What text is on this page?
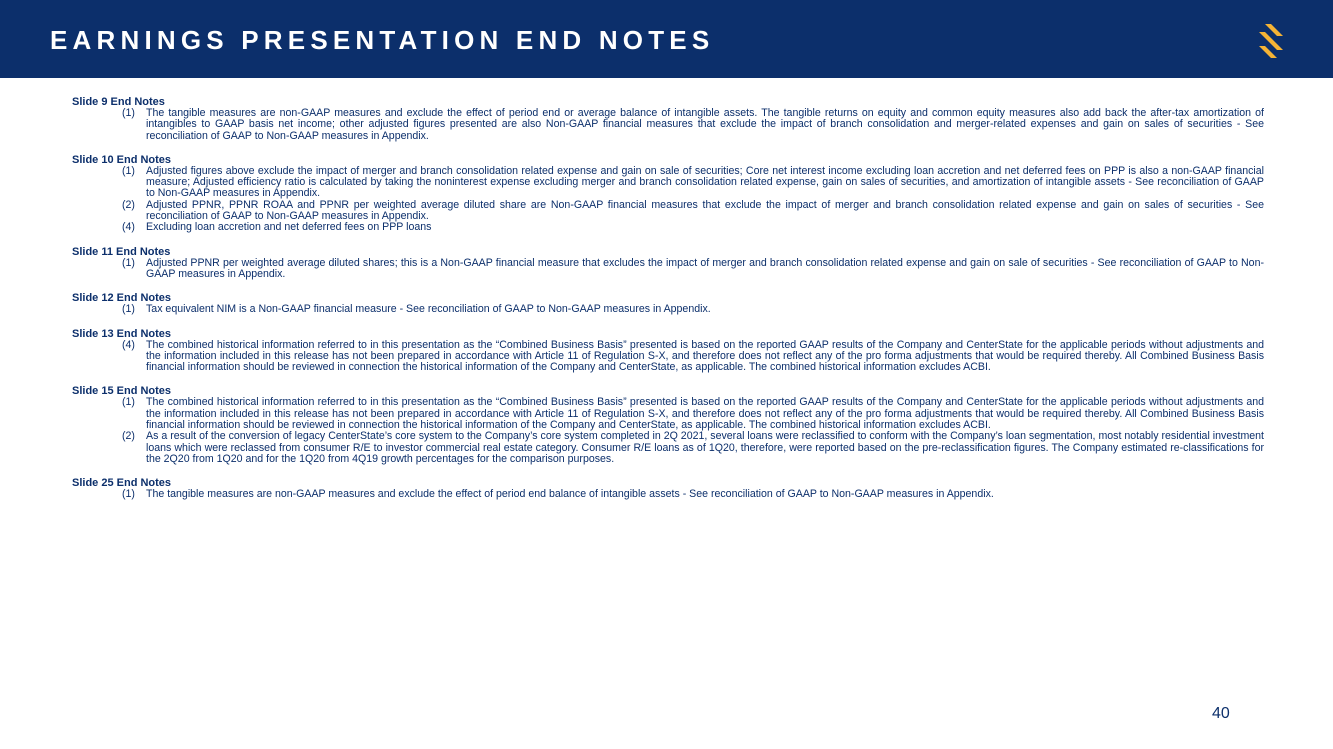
EARNINGS PRESENTATION END NOTES
Slide 9 End Notes
(1) The tangible measures are non-GAAP measures and exclude the effect of period end or average balance of intangible assets. The tangible returns on equity and common equity measures also add back the after-tax amortization of intangibles to GAAP basis net income; other adjusted figures presented are also Non-GAAP financial measures that exclude the impact of branch consolidation and merger-related expenses and gain on sales of securities - See reconciliation of GAAP to Non-GAAP measures in Appendix.
Slide 10 End Notes
(1) Adjusted figures above exclude the impact of merger and branch consolidation related expense and gain on sale of securities; Core net interest income excluding loan accretion and net deferred fees on PPP is also a non-GAAP financial measure; Adjusted efficiency ratio is calculated by taking the noninterest expense excluding merger and branch consolidation related expense, gain on sales of securities, and amortization of intangible assets - See reconciliation of GAAP to Non-GAAP measures in Appendix.
(2) Adjusted PPNR, PPNR ROAA and PPNR per weighted average diluted share are Non-GAAP financial measures that exclude the impact of merger and branch consolidation related expense and gain on sales of securities - See reconciliation of GAAP to Non-GAAP measures in Appendix.
(4) Excluding loan accretion and net deferred fees on PPP loans
Slide 11 End Notes
(1) Adjusted PPNR per weighted average diluted shares; this is a Non-GAAP financial measure that excludes the impact of merger and branch consolidation related expense and gain on sale of securities - See reconciliation of GAAP to Non-GAAP measures in Appendix.
Slide 12 End Notes
(1) Tax equivalent NIM is a Non-GAAP financial measure - See reconciliation of GAAP to Non-GAAP measures in Appendix.
Slide 13 End Notes
(4) The combined historical information referred to in this presentation as the “Combined Business Basis” presented is based on the reported GAAP results of the Company and CenterState for the applicable periods without adjustments and the information included in this release has not been prepared in accordance with Article 11 of Regulation S-X, and therefore does not reflect any of the pro forma adjustments that would be required thereby. All Combined Business Basis financial information should be reviewed in connection the historical information of the Company and CenterState, as applicable. The combined historical information excludes ACBI.
Slide 15 End Notes
(1) The combined historical information referred to in this presentation as the “Combined Business Basis” presented is based on the reported GAAP results of the Company and CenterState for the applicable periods without adjustments and the information included in this release has not been prepared in accordance with Article 11 of Regulation S-X, and therefore does not reflect any of the pro forma adjustments that would be required thereby. All Combined Business Basis financial information should be reviewed in connection the historical information of the Company and CenterState, as applicable. The combined historical information excludes ACBI.
(2) As a result of the conversion of legacy CenterState’s core system to the Company’s core system completed in 2Q 2021, several loans were reclassified to conform with the Company’s loan segmentation, most notably residential investment loans which were reclassed from consumer R/E to investor commercial real estate category. Consumer R/E loans as of 1Q20, therefore, were reported based on the pre-reclassification figures. The Company estimated re-classifications for the 2Q20 from 1Q20 and for the 1Q20 from 4Q19 growth percentages for the comparison purposes.
Slide 25 End Notes
(1) The tangible measures are non-GAAP measures and exclude the effect of period end balance of intangible assets - See reconciliation of GAAP to Non-GAAP measures in Appendix.
40
